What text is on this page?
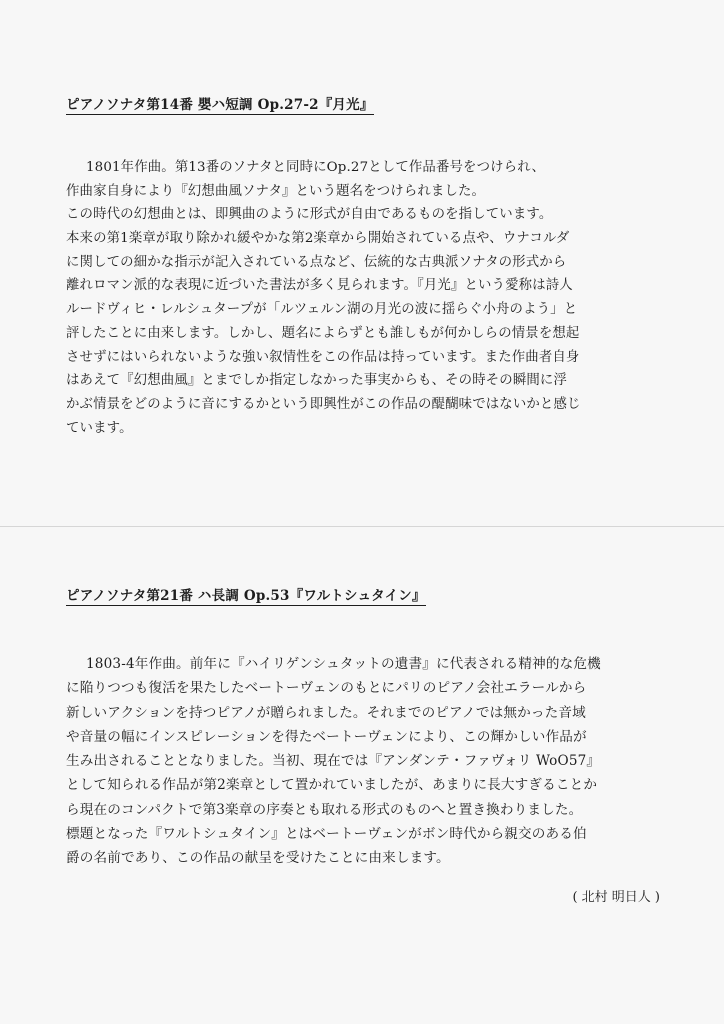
ピアノソナタ第14番 嬰ハ短調 Op.27-2『月光』
1801年作曲。第13番のソナタと同時にOp.27として作品番号をつけられ、
作曲家自身により『幻想曲風ソナタ』という題名をつけられました。
この時代の幻想曲とは、即興曲のように形式が自由であるものを指しています。
本来の第1楽章が取り除かれ緩やかな第2楽章から開始されている点や、ウナコルダ
に関しての細かな指示が記入されている点など、伝統的な古典派ソナタの形式から
離れロマン派的な表現に近づいた書法が多く見られます。『月光』という愛称は詩人
ルードヴィヒ・レルシュタープが「ルツェルン湖の月光の波に揺らぐ小舟のよう」と
評したことに由来します。しかし、題名によらずとも誰しもが何かしらの情景を想起
させずにはいられないような強い叙情性をこの作品は持っています。また作曲者自身
はあえて『幻想曲風』とまでしか指定しなかった事実からも、その時その瞬間に浮
かぶ情景をどのように音にするかという即興性がこの作品の醍醐味ではないかと感じ
ています。
ピアノソナタ第21番 ハ長調 Op.53『ワルトシュタイン』
1803-4年作曲。前年に『ハイリゲンシュタットの遺書』に代表される精神的な危機
に陥りつつも復活を果たしたベートーヴェンのもとにパリのピアノ会社エラールから
新しいアクションを持つピアノが贈られました。それまでのピアノでは無かった音域
や音量の幅にインスピレーションを得たベートーヴェンにより、この輝かしい作品が
生み出されることとなりました。当初、現在では『アンダンテ・ファヴォリ WoO57』
として知られる作品が第2楽章として置かれていましたが、あまりに長大すぎることか
ら現在のコンパクトで第3楽章の序奏とも取れる形式のものへと置き換わりました。
標題となった『ワルトシュタイン』とはベートーヴェンがボン時代から親交のある伯
爵の名前であり、この作品の献呈を受けたことに由来します。
( 北村 明日人 )
